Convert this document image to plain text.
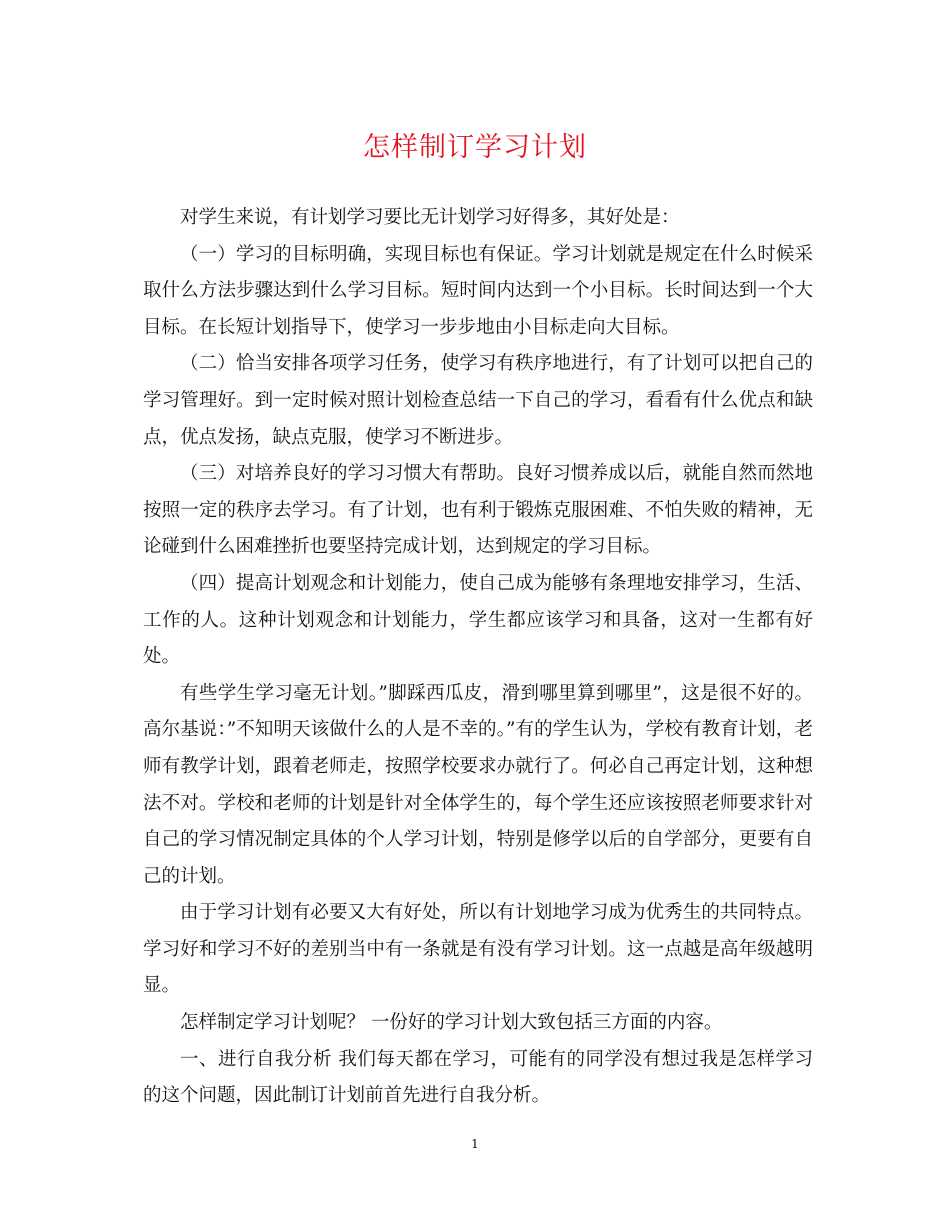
怎样制订学习计划

对学生来说，有计划学习要比无计划学习好得多，其好处是：

（一）学习的目标明确，实现目标也有保证。学习计划就是规定在什么时候采取什么方法步骤达到什么学习目标。短时间内达到一个小目标。长时间达到一个大目标。在长短计划指导下，使学习一步步地由小目标走向大目标。

（二）恰当安排各项学习任务，使学习有秩序地进行，有了计划可以把自己的学习管理好。到一定时候对照计划检查总结一下自己的学习，看看有什么优点和缺点，优点发扬，缺点克服，使学习不断进步。

（三）对培养良好的学习习惯大有帮助。良好习惯养成以后，就能自然而然地按照一定的秩序去学习。有了计划，也有利于锻炼克服困难、不怕失败的精神，无论碰到什么困难挫折也要坚持完成计划，达到规定的学习目标。

（四）提高计划观念和计划能力，使自己成为能够有条理地安排学习，生活、工作的人。这种计划观念和计划能力，学生都应该学习和具备，这对一生都有好处。

有些学生学习毫无计划。”脚踩西瓜皮，滑到哪里算到哪里”，这是很不好的。高尔基说：”不知明天该做什么的人是不幸的。”有的学生认为，学校有教育计划，老师有教学计划，跟着老师走，按照学校要求办就行了。何必自己再定计划，这种想法不对。学校和老师的计划是针对全体学生的，每个学生还应该按照老师要求针对自己的学习情况制定具体的个人学习计划，特别是修学以后的自学部分，更要有自己的计划。

由于学习计划有必要又大有好处，所以有计划地学习成为优秀生的共同特点。学习好和学习不好的差别当中有一条就是有没有学习计划。这一点越是高年级越明显。

怎样制定学习计划呢？ 一份好的学习计划大致包括三方面的内容。

一、进行自我分析 我们每天都在学习，可能有的同学没有想过我是怎样学习的这个问题，因此制订计划前首先进行自我分析。

1
